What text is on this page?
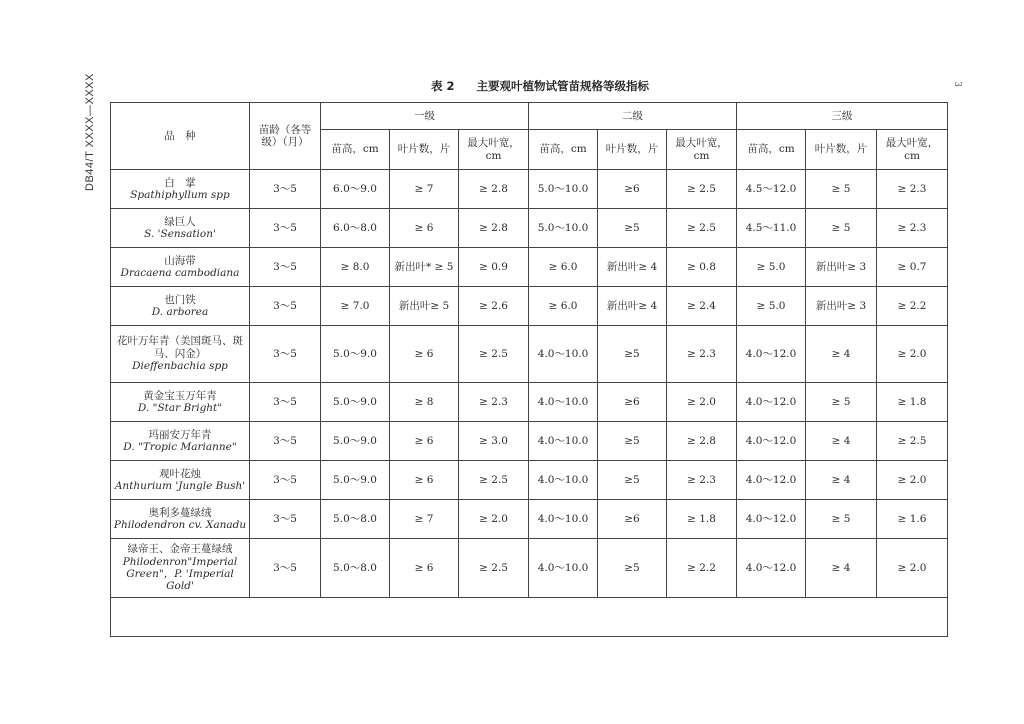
DB44/T XXXX—XXXX	3
表 2 主要观叶植物试管苗规格等级指标
品　种	苗龄（各等级）（月）	一级			二级			三级		
		苗高，cm	叶片数，片	最大叶宽，cm	苗高，cm	叶片数，片	最大叶宽，cm	苗高，cm	叶片数，片	最大叶宽，cm

白　掌
Spathiphyllum spp	3～5	6.0～9.0	≥ 7	≥ 2.8	5.0～10.0	≥6	≥ 2.5	4.5～12.0	≥ 5	≥ 2.3

绿巨人
S. 'Sensation'	3～5	6.0～8.0	≥ 6	≥ 2.8	5.0～10.0	≥5	≥ 2.5	4.5～11.0	≥ 5	≥ 2.3

山海带
Dracaena cambodiana	3～5	≥ 8.0	新出叶* ≥ 5	≥ 0.9	≥ 6.0	新出叶≥ 4	≥ 0.8	≥ 5.0	新出叶≥ 3	≥ 0.7

也门铁
D. arborea	3～5	≥ 7.0	新出叶≥ 5	≥ 2.6	≥ 6.0	新出叶≥ 4	≥ 2.4	≥ 5.0	新出叶≥ 3	≥ 2.2

花叶万年青（美国斑马、斑马、闪金）
Dieffenbachia spp	3～5	5.0～9.0	≥ 6	≥ 2.5	4.0～10.0	≥5	≥ 2.3	4.0～12.0	≥ 4	≥ 2.0

黄金宝玉万年青
D. "Star Bright"	3～5	5.0～9.0	≥ 8	≥ 2.3	4.0～10.0	≥6	≥ 2.0	4.0～12.0	≥ 5	≥ 1.8

玛丽安万年青
D. "Tropic Marianne"	3～5	5.0～9.0	≥ 6	≥ 3.0	4.0～10.0	≥5	≥ 2.8	4.0～12.0	≥ 4	≥ 2.5

观叶花烛
Anthurium 'Jungle Bush'	3～5	5.0～9.0	≥ 6	≥ 2.5	4.0～10.0	≥5	≥ 2.3	4.0～12.0	≥ 4	≥ 2.0

奥利多蔓绿绒
Philodendron cv. Xanadu	3～5	5.0～8.0	≥ 7	≥ 2.0	4.0～10.0	≥6	≥ 1.8	4.0～12.0	≥ 5	≥ 1.6

绿帝王、金帝王蔓绿绒
Philodenron"Imperial Green"，P. 'Imperial Gold'	3～5	5.0～8.0	≥ 6	≥ 2.5	4.0～10.0	≥5	≥ 2.2	4.0～12.0	≥ 4	≥ 2.0
